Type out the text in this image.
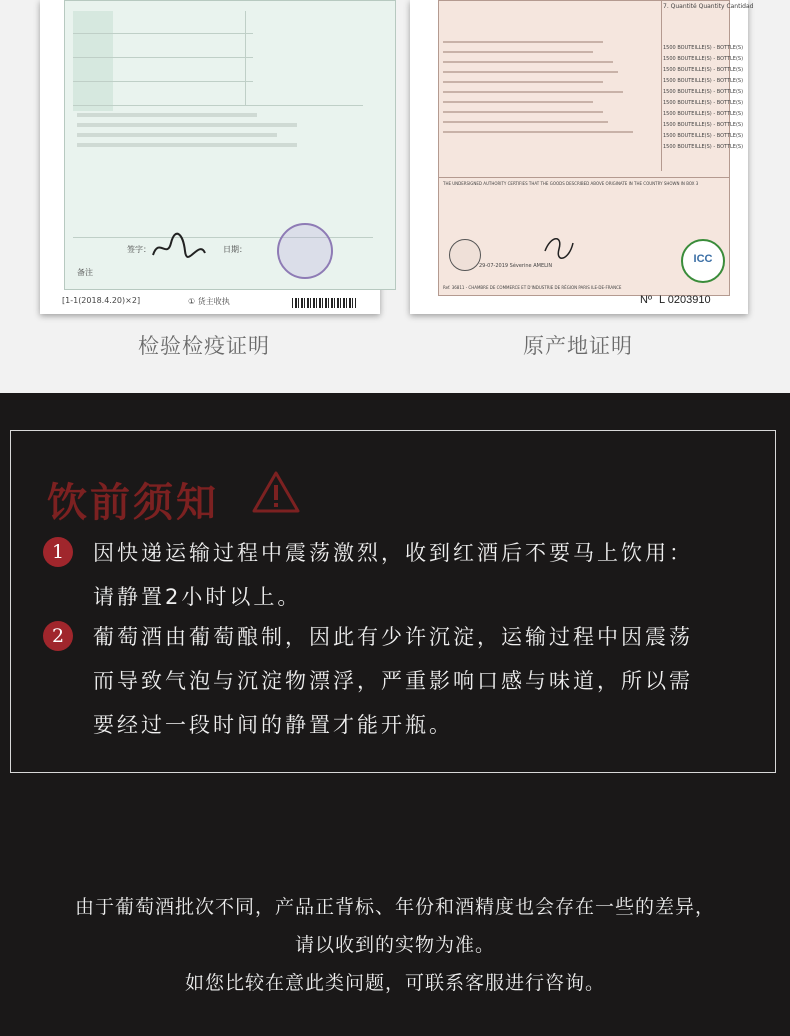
签字：	日期：
备注
[1-1(2018.4.20)×2]	① 货主收执
7. Quantité Quantity Cantidad
1500 BOUTEILLE(S) - BOTTLE(S)
1500 BOUTEILLE(S) - BOTTLE(S)
1500 BOUTEILLE(S) - BOTTLE(S)
1500 BOUTEILLE(S) - BOTTLE(S)
1500 BOUTEILLE(S) - BOTTLE(S)
1500 BOUTEILLE(S) - BOTTLE(S)
1500 BOUTEILLE(S) - BOTTLE(S)
1500 BOUTEILLE(S) - BOTTLE(S)
1500 BOUTEILLE(S) - BOTTLE(S)
1500 BOUTEILLE(S) - BOTTLE(S)
THE UNDERSIGNED AUTHORITY CERTIFIES THAT THE GOODS DESCRIBED ABOVE ORIGINATE IN THE COUNTRY SHOWN IN BOX 3
29-07-2019 Séverine AMELIN
ICC
Ref. 36811 - CHAMBRE DE COMMERCE ET D'INDUSTRIE DE RÉGION PARIS ILE-DE-FRANCE
Nº L 0203910
检验检疫证明	原产地证明
饮前须知
1	因快递运输过程中震荡激烈，收到红酒后不要马上饮用：
请静置2小时以上。
2	葡萄酒由葡萄酿制，因此有少许沉淀，运输过程中因震荡
而导致气泡与沉淀物漂浮，严重影响口感与味道，所以需
要经过一段时间的静置才能开瓶。
由于葡萄酒批次不同，产品正背标、年份和酒精度也会存在一些的差异，
请以收到的实物为准。
如您比较在意此类问题，可联系客服进行咨询。
